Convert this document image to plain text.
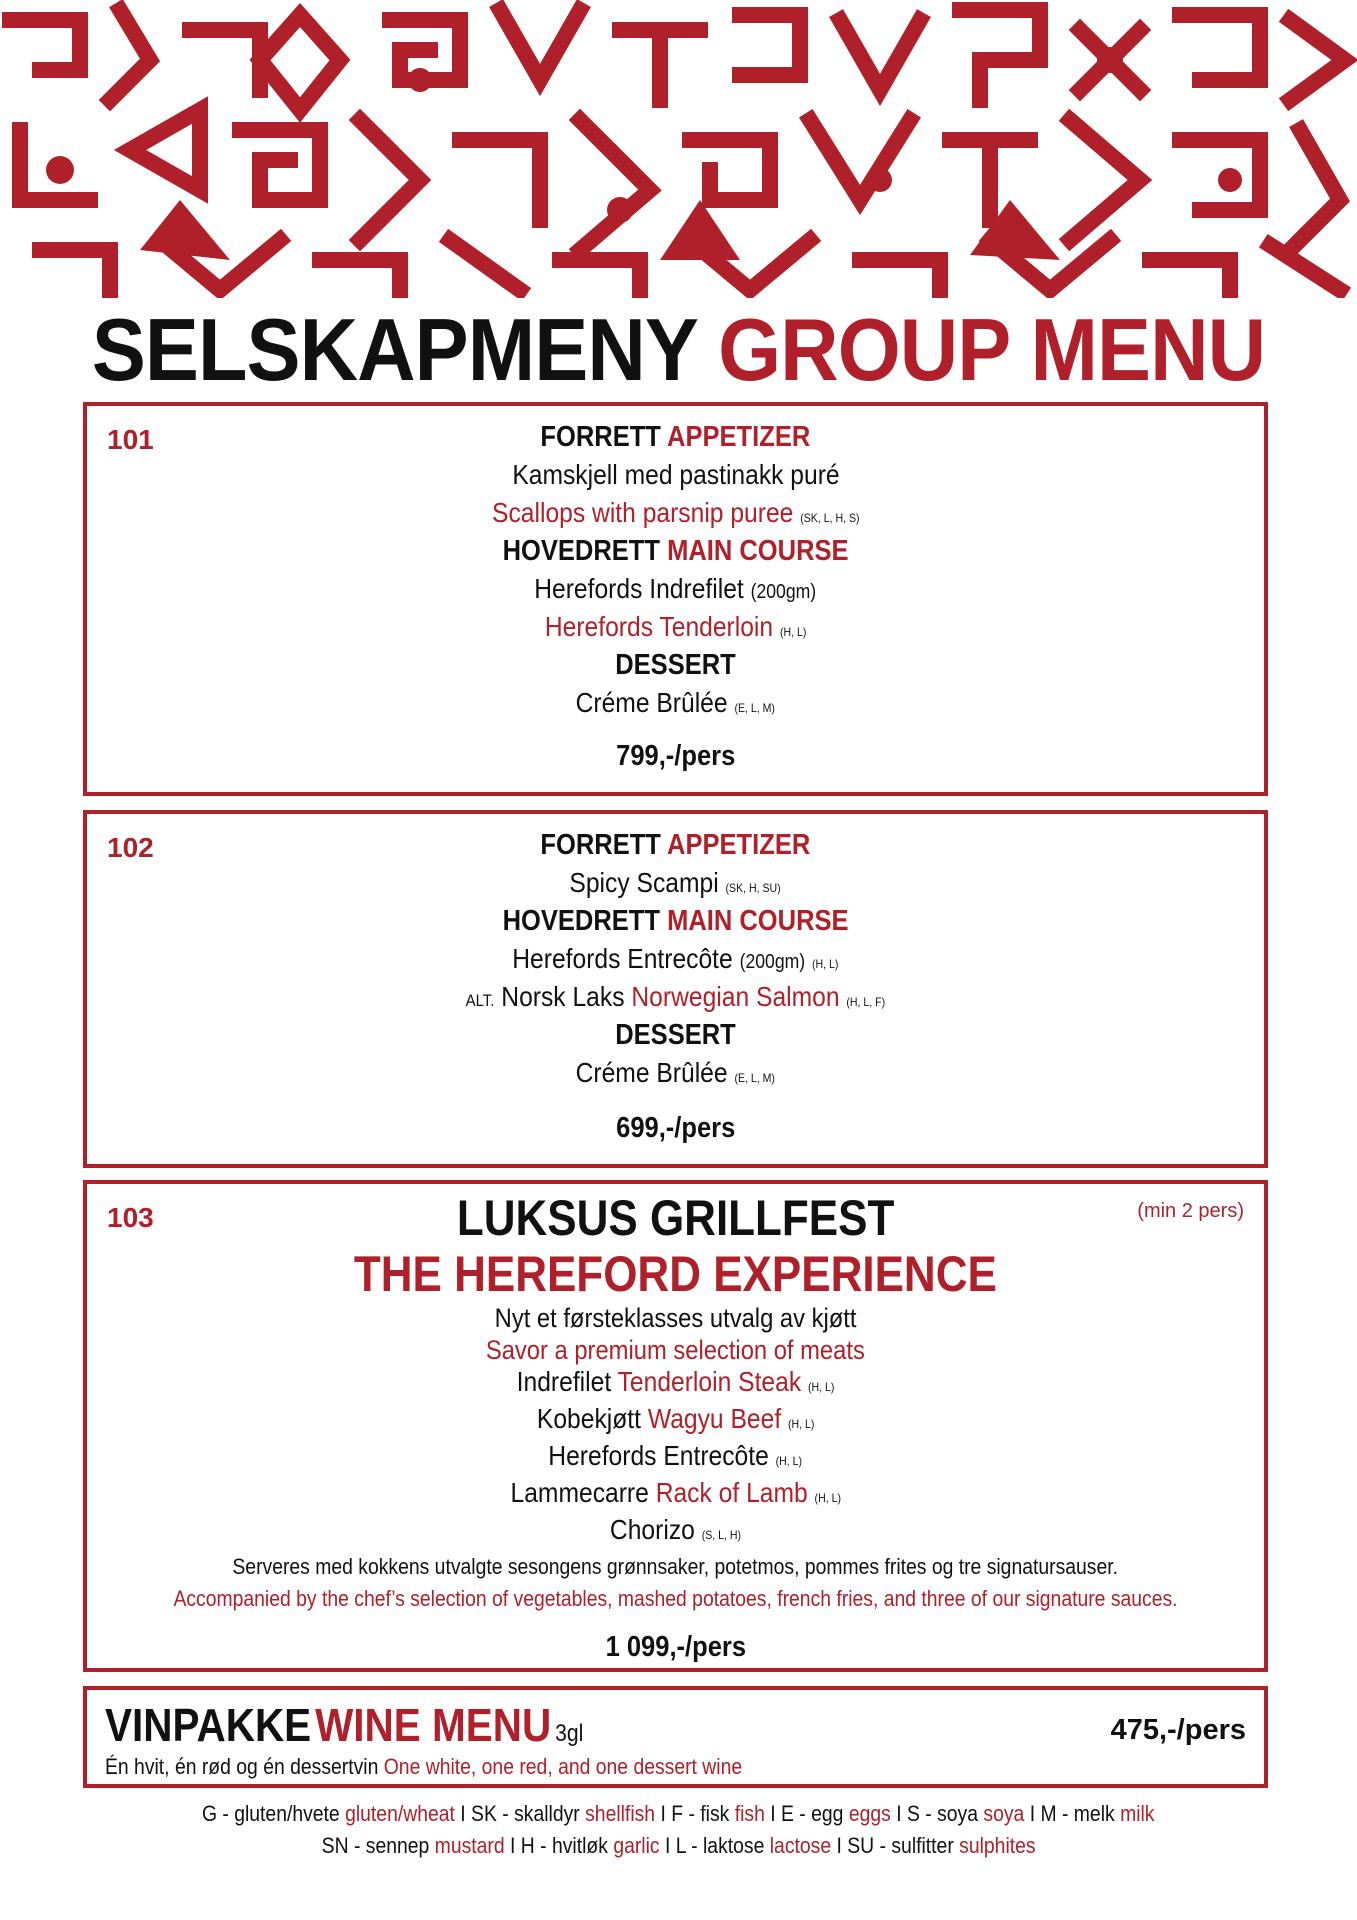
SELSKAPMENY GROUP MENU
101	FORRETT APPETIZER
Kamskjell med pastinakk puré
Scallops with parsnip puree (SK, L, H, S)
HOVEDRETT MAIN COURSE
Herefords Indrefilet (200gm)
Herefords Tenderloin (H, L)
DESSERT
Créme Brûlée (E, L, M)
799,-/pers
102	FORRETT APPETIZER
Spicy Scampi (SK, H, SU)
HOVEDRETT MAIN COURSE
Herefords Entrecôte (200gm) (H, L)
ALT. Norsk Laks Norwegian Salmon (H, L, F)
DESSERT
Créme Brûlée (E, L, M)
699,-/pers
103	(min 2 pers)
LUKSUS GRILLFEST
THE HEREFORD EXPERIENCE
Nyt et førsteklasses utvalg av kjøtt
Savor a premium selection of meats
Indrefilet Tenderloin Steak (H, L)
Kobekjøtt Wagyu Beef (H, L)
Herefords Entrecôte (H, L)
Lammecarre Rack of Lamb (H, L)
Chorizo (S, L, H)
Serveres med kokkens utvalgte sesongens grønnsaker, potetmos, pommes frites og tre signatursauser.
Accompanied by the chef’s selection of vegetables, mashed potatoes, french fries, and three of our signature sauces.
1 099,-/pers
VINPAKKE WINE MENU 3gl
Én hvit, én rød og én dessertvin One white, one red, and one dessert wine
475,-/pers
G - gluten/hvete gluten/wheat I SK - skalldyr shellfish I F - fisk fish I E - egg eggs I S - soya soya I M - melk milk
SN - sennep mustard I H - hvitløk garlic I L - laktose lactose I SU - sulfitter sulphites
